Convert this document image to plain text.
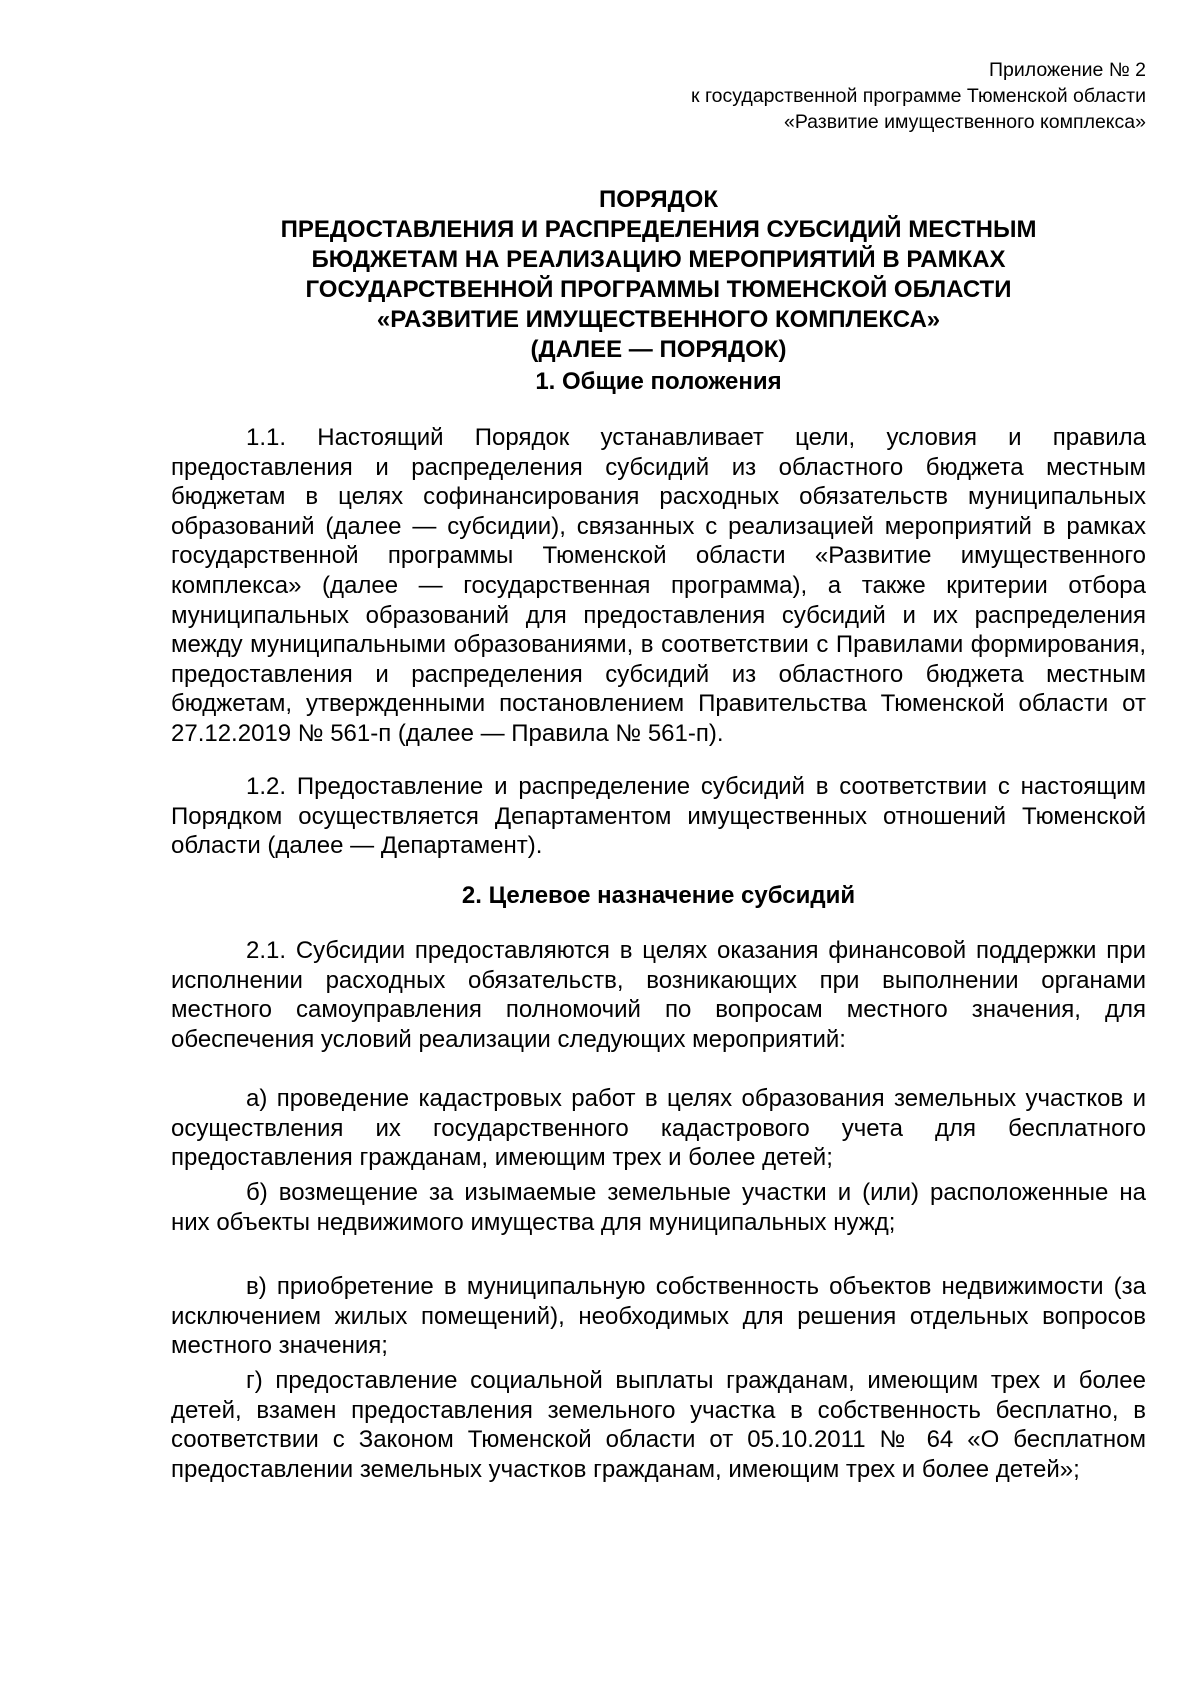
Приложение № 2
к государственной программе Тюменской области
«Развитие имущественного комплекса»
ПОРЯДОК
ПРЕДОСТАВЛЕНИЯ И РАСПРЕДЕЛЕНИЯ СУБСИДИЙ МЕСТНЫМ
БЮДЖЕТАМ НА РЕАЛИЗАЦИЮ МЕРОПРИЯТИЙ В РАМКАХ
ГОСУДАРСТВЕННОЙ ПРОГРАММЫ ТЮМЕНСКОЙ ОБЛАСТИ
«РАЗВИТИЕ ИМУЩЕСТВЕННОГО КОМПЛЕКСА»
(ДАЛЕЕ — ПОРЯДОК)
1. Общие положения

1.1. Настоящий Порядок устанавливает цели, условия и правила предоставления и распределения субсидий из областного бюджета местным бюджетам в целях софинансирования расходных обязательств муниципальных образований (далее — субсидии), связанных с реализацией мероприятий в рамках государственной программы Тюменской области «Развитие имущественного комплекса» (далее — государственная программа), а также критерии отбора муниципальных образований для предоставления субсидий и их распределения между муниципальными образованиями, в соответствии с Правилами формирования, предоставления и распределения субсидий из областного бюджета местным бюджетам, утвержденными постановлением Правительства Тюменской области от 27.12.2019 № 561-п (далее — Правила № 561-п).

1.2. Предоставление и распределение субсидий в соответствии с настоящим Порядком осуществляется Департаментом имущественных отношений Тюменской области (далее — Департамент).

2. Целевое назначение субсидий

2.1. Субсидии предоставляются в целях оказания финансовой поддержки при исполнении расходных обязательств, возникающих при выполнении органами местного самоуправления полномочий по вопросам местного значения, для обеспечения условий реализации следующих мероприятий:

а) проведение кадастровых работ в целях образования земельных участков и осуществления их государственного кадастрового учета для бесплатного предоставления гражданам, имеющим трех и более детей;

б) возмещение за изымаемые земельные участки и (или) расположенные на них объекты недвижимого имущества для муниципальных нужд;

в) приобретение в муниципальную собственность объектов недвижимости (за исключением жилых помещений), необходимых для решения отдельных вопросов местного значения;

г) предоставление социальной выплаты гражданам, имеющим трех и более детей, взамен предоставления земельного участка в собственность бесплатно, в соответствии с Законом Тюменской области от 05.10.2011 № 64 «О бесплатном предоставлении земельных участков гражданам, имеющим трех и более детей»;
